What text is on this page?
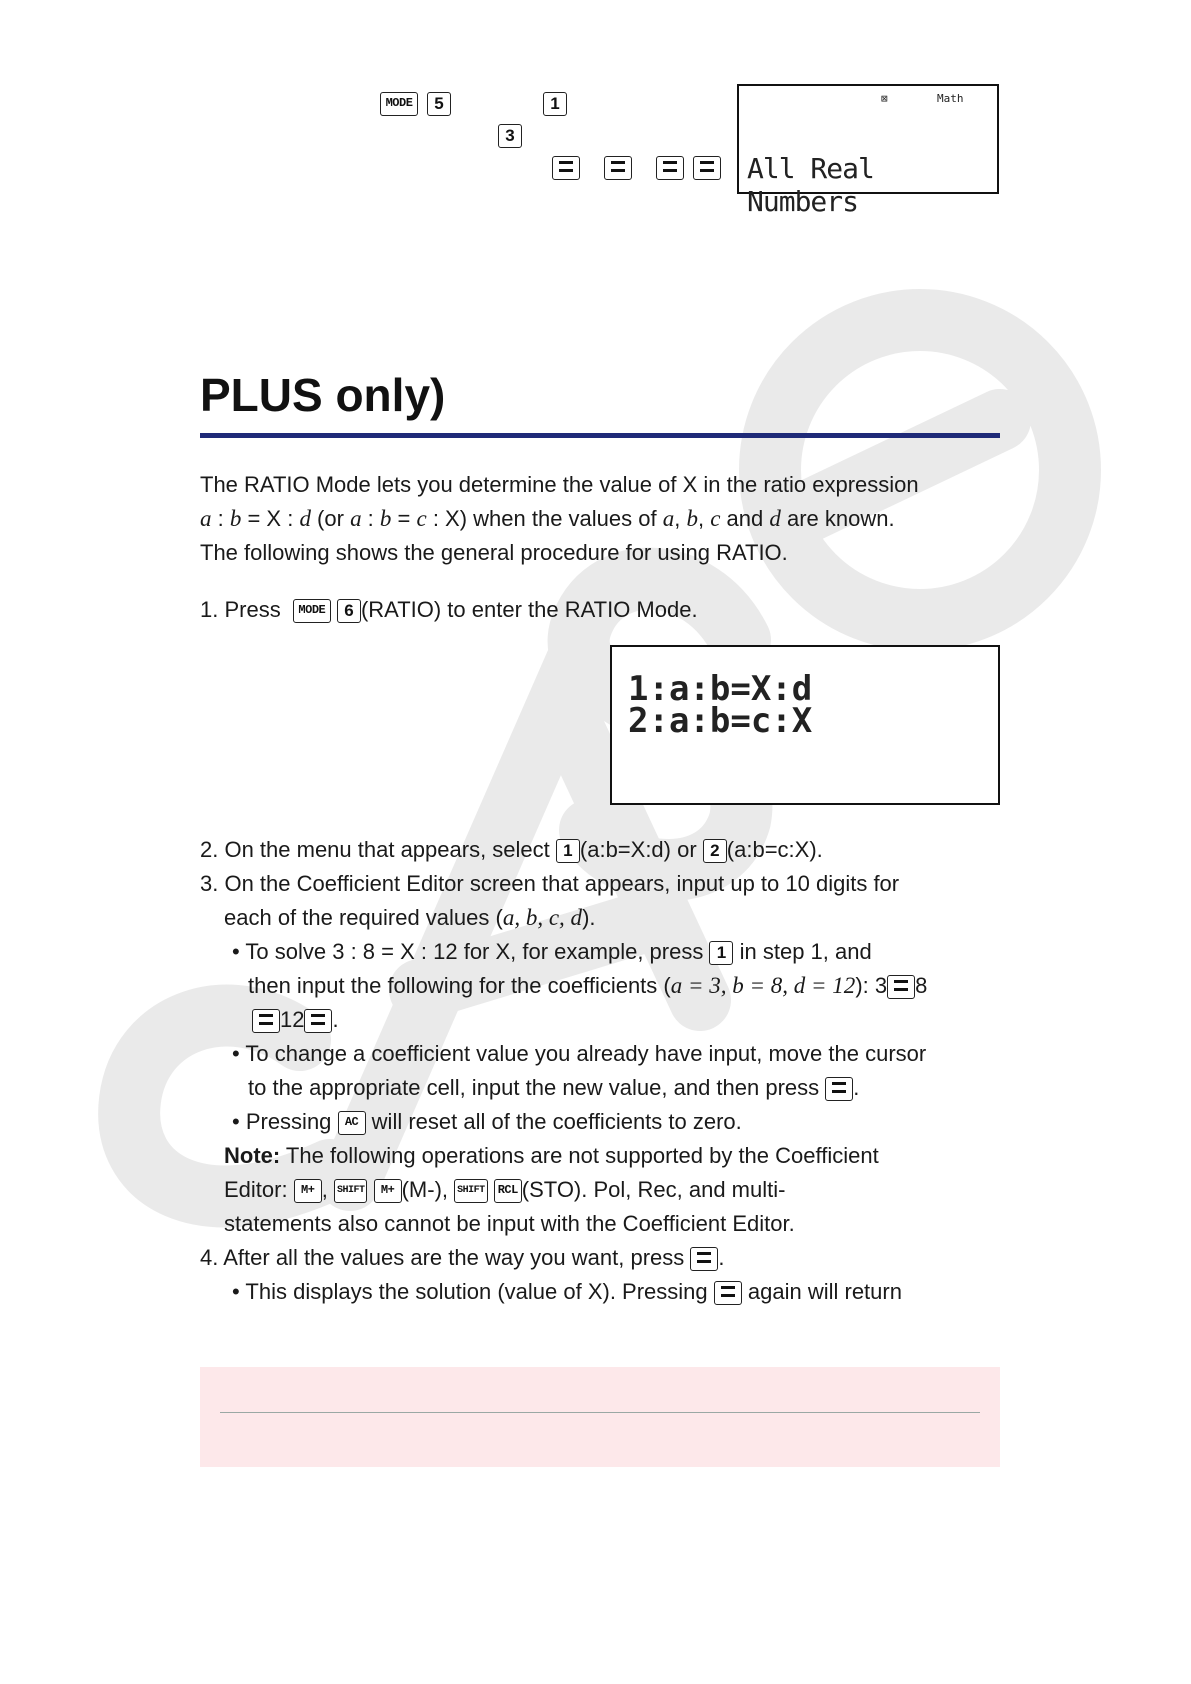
MODE	5	1
3
⊠	Math
All Real Numbers
PLUS only)

The RATIO Mode lets you determine the value of X in the ratio expression

a : b = X : d (or a : b = c : X) when the values of a, b, c and d are known.

The following shows the general procedure for using RATIO.

1. Press MODE 6 (RATIO) to enter the RATIO Mode.
1:a:b=X:d
2:a:b=c:X

2. On the menu that appears, select 1 (a:b=X:d) or 2 (a:b=c:X).

3. On the Coefficient Editor screen that appears, input up to 10 digits for

each of the required values (a, b, c, d).

• To solve 3 : 8 = X : 12 for X, for example, press 1 in step 1, and

then input the following for the coefficients (a = 3, b = 8, d = 12): 3 8

12 .

• To change a coefficient value you already have input, move the cursor

to the appropriate cell, input the new value, and then press .

• Pressing AC will reset all of the coefficients to zero.

Note: The following operations are not supported by the Coefficient

Editor: M+ , SHIFT M+ (M-), SHIFT RCL (STO). Pol, Rec, and multi-

statements also cannot be input with the Coefficient Editor.

4. After all the values are the way you want, press .

• This displays the solution (value of X). Pressing again will return
